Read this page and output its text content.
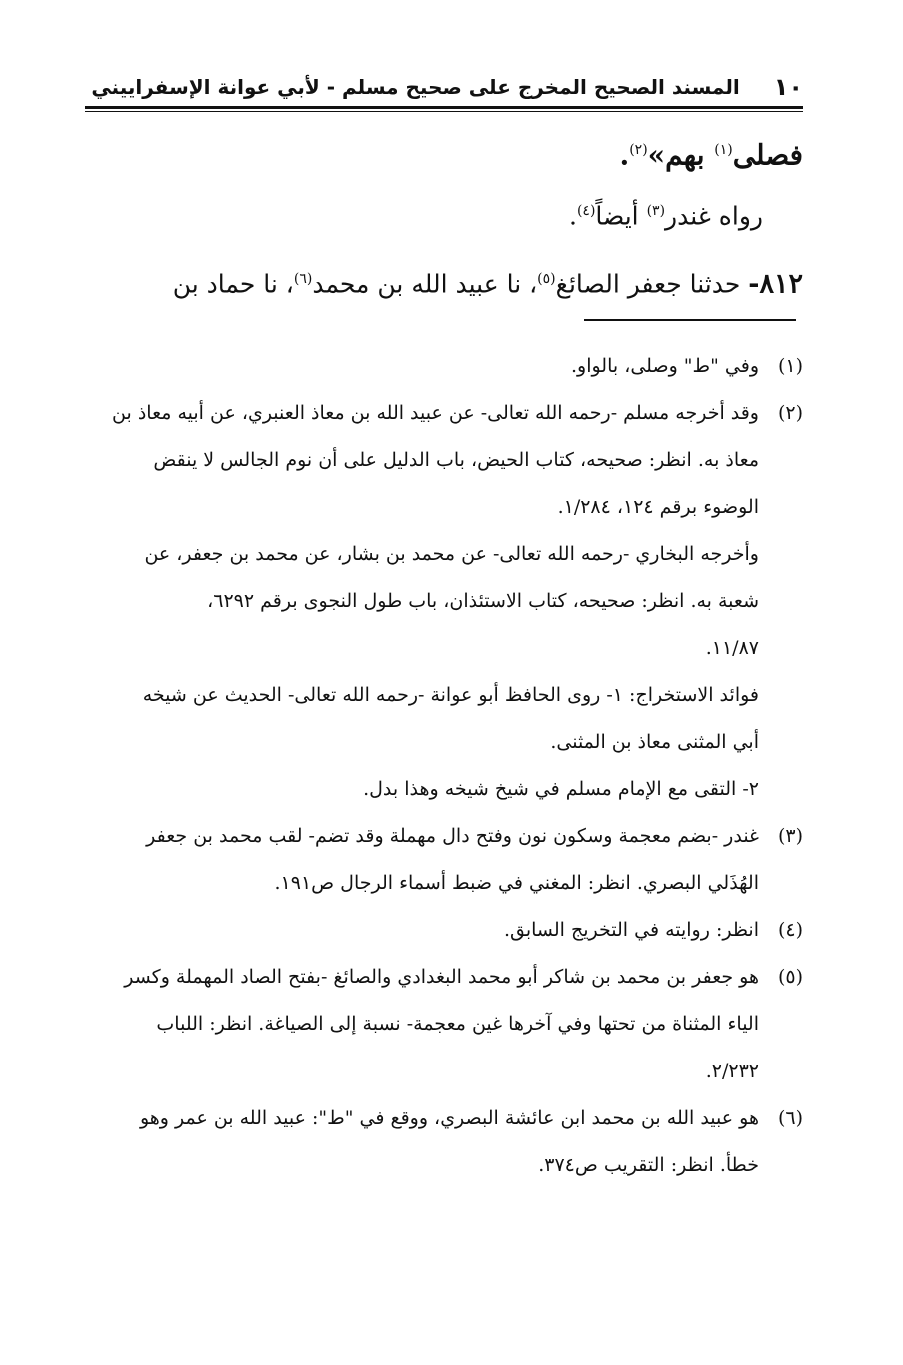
١٠
المسند الصحيح المخرج على صحيح مسلم - لأبي عوانة الإسفراييني
فصلى$^{(١)}$ بهم»$^{(٢)}$.
رواه غندر$^{(٣)}$ أيضاً$^{(٤)}$.
٨١٢- حدثنا جعفر الصائغ$^{(٥)}$، نا عبيد الله بن محمد$^{(٦)}$، نا حماد بن
(١)
وفي "ط" وصلى، بالواو.
(٢)
وقد أخرجه مسلم -رحمه الله تعالى- عن عبيد الله بن معاذ العنبري، عن أبيه معاذ بن
معاذ به. انظر: صحيحه، كتاب الحيض، باب الدليل على أن نوم الجالس لا ينقض
الوضوء برقم ١٢٤، ١/٢٨٤.
وأخرجه البخاري -رحمه الله تعالى- عن محمد بن بشار، عن محمد بن جعفر، عن
شعبة به. انظر: صحيحه، كتاب الاستئذان، باب طول النجوى برقم ٦٢٩٢،
١١/٨٧.
فوائد الاستخراج: ١- روى الحافظ أبو عوانة -رحمه الله تعالى- الحديث عن شيخه
أبي المثنى معاذ بن المثنى.
٢- التقى مع الإمام مسلم في شيخ شيخه وهذا بدل.
(٣)
غندر -بضم معجمة وسكون نون وفتح دال مهملة وقد تضم- لقب محمد بن جعفر
الهُذَلي البصري. انظر: المغني في ضبط أسماء الرجال ص١٩١.
(٤)
انظر: روايته في التخريج السابق.
(٥)
هو جعفر بن محمد بن شاكر أبو محمد البغدادي والصائغ -بفتح الصاد المهملة وكسر
الياء المثناة من تحتها وفي آخرها غين معجمة- نسبة إلى الصياغة. انظر: اللباب
٢/٢٣٢.
(٦)
هو عبيد الله بن محمد ابن عائشة البصري، ووقع في "ط": عبيد الله بن عمر وهو
خطأ. انظر: التقريب ص٣٧٤.
